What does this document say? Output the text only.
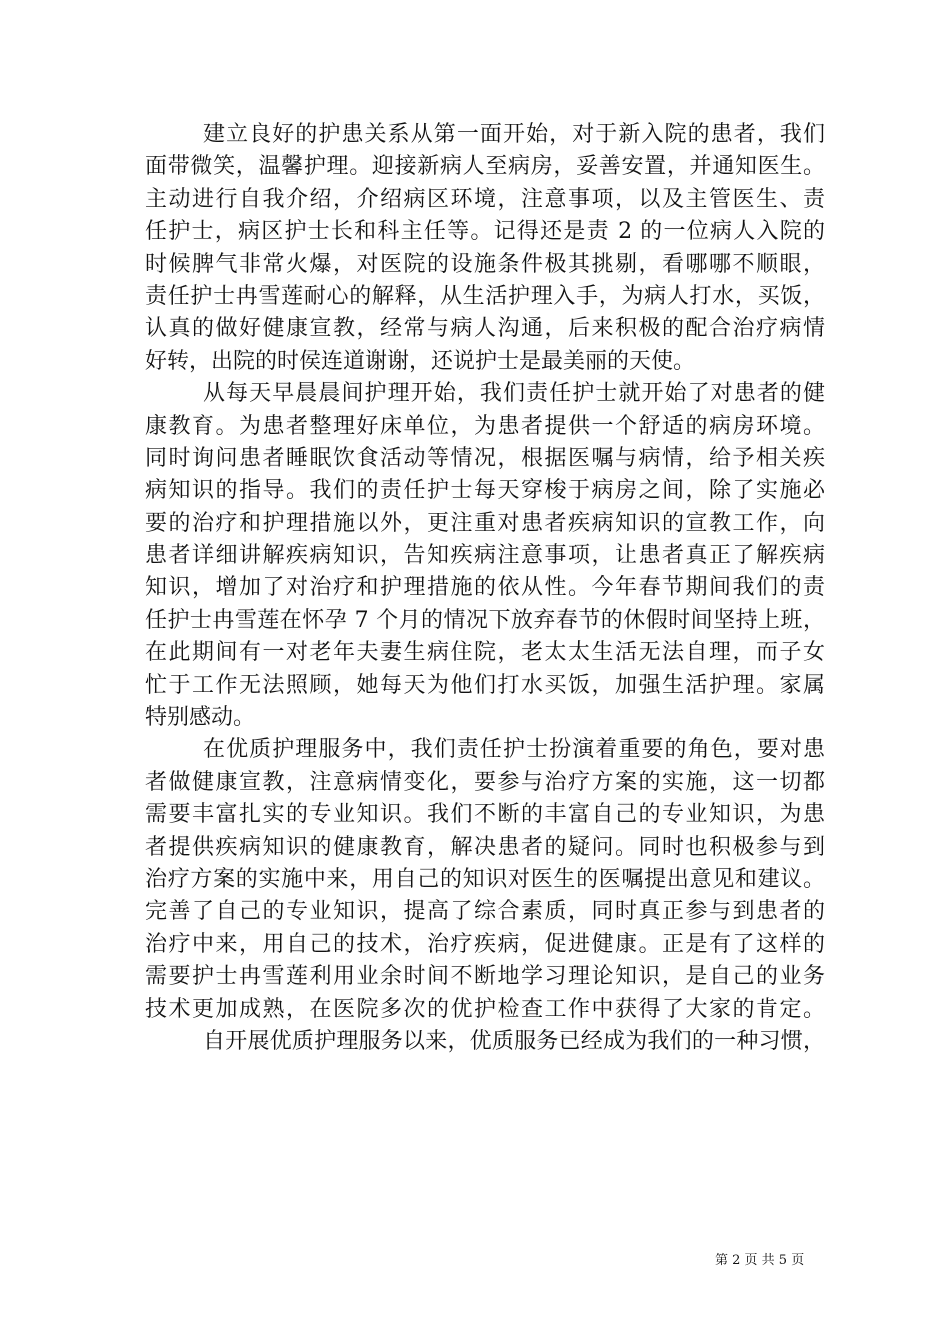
建立良好的护患关系从第一面开始，对于新入院的患者，我们
面带微笑，温馨护理。迎接新病人至病房，妥善安置，并通知医生。
主动进行自我介绍，介绍病区环境，注意事项，以及主管医生、责
任护士，病区护士长和科主任等。记得还是责 2 的一位病人入院的
时候脾气非常火爆，对医院的设施条件极其挑剔，看哪哪不顺眼，
责任护士冉雪莲耐心的解释，从生活护理入手，为病人打水，买饭，
认真的做好健康宣教，经常与病人沟通，后来积极的配合治疗病情
好转，出院的时侯连道谢谢，还说护士是最美丽的天使。
从每天早晨晨间护理开始，我们责任护士就开始了对患者的健
康教育。为患者整理好床单位，为患者提供一个舒适的病房环境。
同时询问患者睡眠饮食活动等情况，根据医嘱与病情，给予相关疾
病知识的指导。我们的责任护士每天穿梭于病房之间，除了实施必
要的治疗和护理措施以外，更注重对患者疾病知识的宣教工作，向
患者详细讲解疾病知识，告知疾病注意事项，让患者真正了解疾病
知识，增加了对治疗和护理措施的依从性。今年春节期间我们的责
任护士冉雪莲在怀孕 7 个月的情况下放弃春节的休假时间坚持上班，
在此期间有一对老年夫妻生病住院，老太太生活无法自理，而子女
忙于工作无法照顾，她每天为他们打水买饭，加强生活护理。家属
特别感动。
在优质护理服务中，我们责任护士扮演着重要的角色，要对患
者做健康宣教，注意病情变化，要参与治疗方案的实施，这一切都
需要丰富扎实的专业知识。我们不断的丰富自己的专业知识，为患
者提供疾病知识的健康教育，解决患者的疑问。同时也积极参与到
治疗方案的实施中来，用自己的知识对医生的医嘱提出意见和建议。
完善了自己的专业知识，提高了综合素质，同时真正参与到患者的
治疗中来，用自己的技术，治疗疾病，促进健康。正是有了这样的
需要护士冉雪莲利用业余时间不断地学习理论知识，是自己的业务
技术更加成熟，在医院多次的优护检查工作中获得了大家的肯定。
自开展优质护理服务以来，优质服务已经成为我们的一种习惯，
第 2 页 共 5 页
